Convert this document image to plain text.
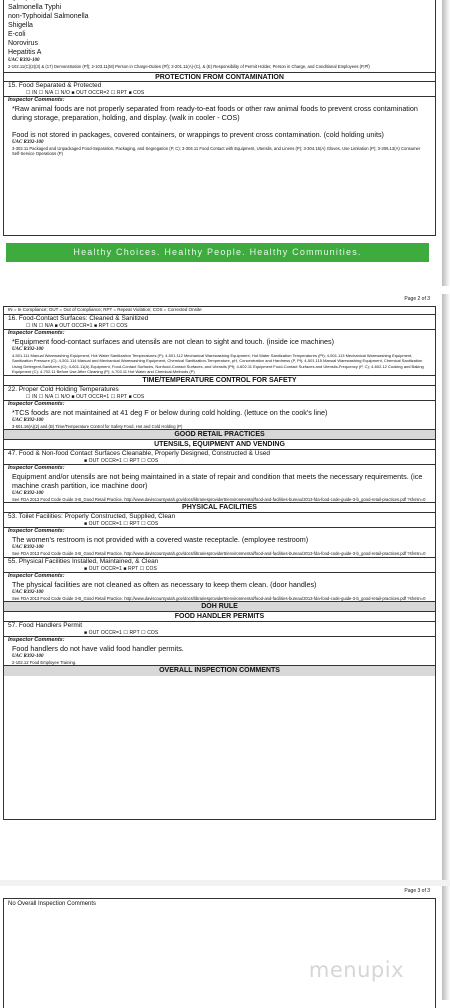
Salmonella Typhi
non-Typhoidal Salmonella
Shigella
E-coli
Norovirus
Hepatitis A
UAC R392-100
2-102.11(C)(2)(3) & (17) Demonstration (Pf); 2-103.11(M) Person in Charge-Duties (Pf); 2-201.11(A)-(C), & (E) Responsibility of Permit Holder, Person in Charge, and Conditional Employees (P,Pf)
PROTECTION FROM CONTAMINATION
15. Food Separated & Protected
☐ IN ☐ N/A ☐ N/O ■ OUT OCCR=2 ☐ RPT ■ COS
Inspector Comments:
*Raw animal foods are not properly separated from ready-to-eat foods or other raw animal foods to prevent cross contamination during storage, preparation, holding, and display. (walk in cooler - COS)
Food is not stored in packages, covered containers, or wrappings to prevent cross contamination. (cold holding units)
UAC R392-100
3-302.11 Packaged and Unpackaged Food-Separation, Packaging, and Segregation (P, C); 3-304.11 Food Contact with Equipment, Utensils, and Linens (P); 3-304.15(A) Gloves, Use Limitation (P); 3-306.13(A) Consumer Self-Service Operations (P)
Healthy Choices. Healthy People. Healthy Communities.
Page 2 of 3
IN = In Compliance; OUT = Out of Compliance; RPT = Repeat Violation; COS = Corrected Onsite
16. Food-Contact Surfaces: Cleaned & Sanitized
☐ IN ☐ N/A ■ OUT OCCR=1 ■ RPT ☐ COS
Inspector Comments:
*Equipment food-contact surfaces and utensils are not clean to sight and touch. (inside ice machines)
UAC R392-100
4-501.111 Manual Warewashing Equipment, Hot Water Sanitization Temperatures (P); 4-501.112 Mechanical Warewashing Equipment, Hot Water Sanitization Temperatures (Pf); 4-501.113 Mechanical Warewashing Equipment, Sanitization Pressure (C); 4-501.114 Manual and Mechanical Warewashing Equipment, Chemical Sanitization-Temperature, pH, Concentration and Hardness (P, Pf); 4-501.115 Manual Warewashing Equipment, Chemical Sanitization Using Detergent-Sanitizers (C); 4-601.11(A) Equipment, Food-Contact Surfaces, Nonfood-Contact Surfaces, and Utensils (Pf); 4-602.11 Equipment Food-Contact Surfaces and Utensils-Frequency (P, C); 4-602.12 Cooking and Baking Equipment (C); 4-702.11 Before Use After Cleaning (P); 4-703.11 Hot Water and Chemical-Methods (P)
TIME/TEMPERATURE CONTROL FOR SAFETY
22. Proper Cold Holding Temperatures
☐ IN ☐ N/A ☐ N/O ■ OUT OCCR=1 ☐ RPT ■ COS
Inspector Comments:
*TCS foods are not maintained at 41 deg F or below during cold holding. (lettuce on the cook's line)
UAC R392-100
3-501.16(A)(2) and (B) Time/Temperature Control for Safety Food, Hot and Cold Holding (P)
GOOD RETAIL PRACTICES
UTENSILS, EQUIPMENT AND VENDING
47. Food & Non-food Contact Surfaces Cleanable, Properly Designed, Constructed & Used
■ OUT OCCR=1 ☐ RPT ☐ COS
Inspector Comments:
Equipment and/or utensils are not being maintained in a state of repair and condition that meets the necessary requirements. (ice machine crash partition, ice machine door)
UAC R392-100
See FDA 2013 Food Code Guide 3-B_Good Retail Practice. http://www.daviscountyutah.gov/docs/librariesprovider5/environmental/food-and-facilities-bureau/2013-fda-food-code-guide-3-b_good-retail-practices.pdf ?sfvrsn=0
PHYSICAL FACILITIES
53. Toilet Facilities: Properly Constructed, Supplied, Clean
■ OUT OCCR=1 ☐ RPT ☐ COS
Inspector Comments:
The women's restroom is not provided with a covered waste receptacle. (employee restroom)
UAC R392-100
See FDA 2013 Food Code Guide 3-B_Good Retail Practice. http://www.daviscountyutah.gov/docs/librariesprovider5/environmental/food-and-facilities-bureau/2013-fda-food-code-guide-3-b_good-retail-practices.pdf ?sfvrsn=0
55. Physical Facilities Installed, Maintained, & Clean
■ OUT OCCR=1 ■ RPT ☐ COS
Inspector Comments:
The physical facilities are not cleaned as often as necessary to keep them clean. (door handles)
UAC R392-100
See FDA 2013 Food Code Guide 3-B_Good Retail Practice. http://www.daviscountyutah.gov/docs/librariesprovider5/environmental/food-and-facilities-bureau/2013-fda-food-code-guide-3-b_good-retail-practices.pdf ?sfvrsn=0
DOH RULE
FOOD HANDLER PERMITS
57. Food Handlers Permit
■ OUT OCCR=1 ☐ RPT ☐ COS
Inspector Comments:
Food handlers do not have valid food handler permits.
UAC R392-100
2-102.12 Food Employee Training.
OVERALL INSPECTION COMMENTS
Page 3 of 3
No Overall Inspection Comments
menupix
